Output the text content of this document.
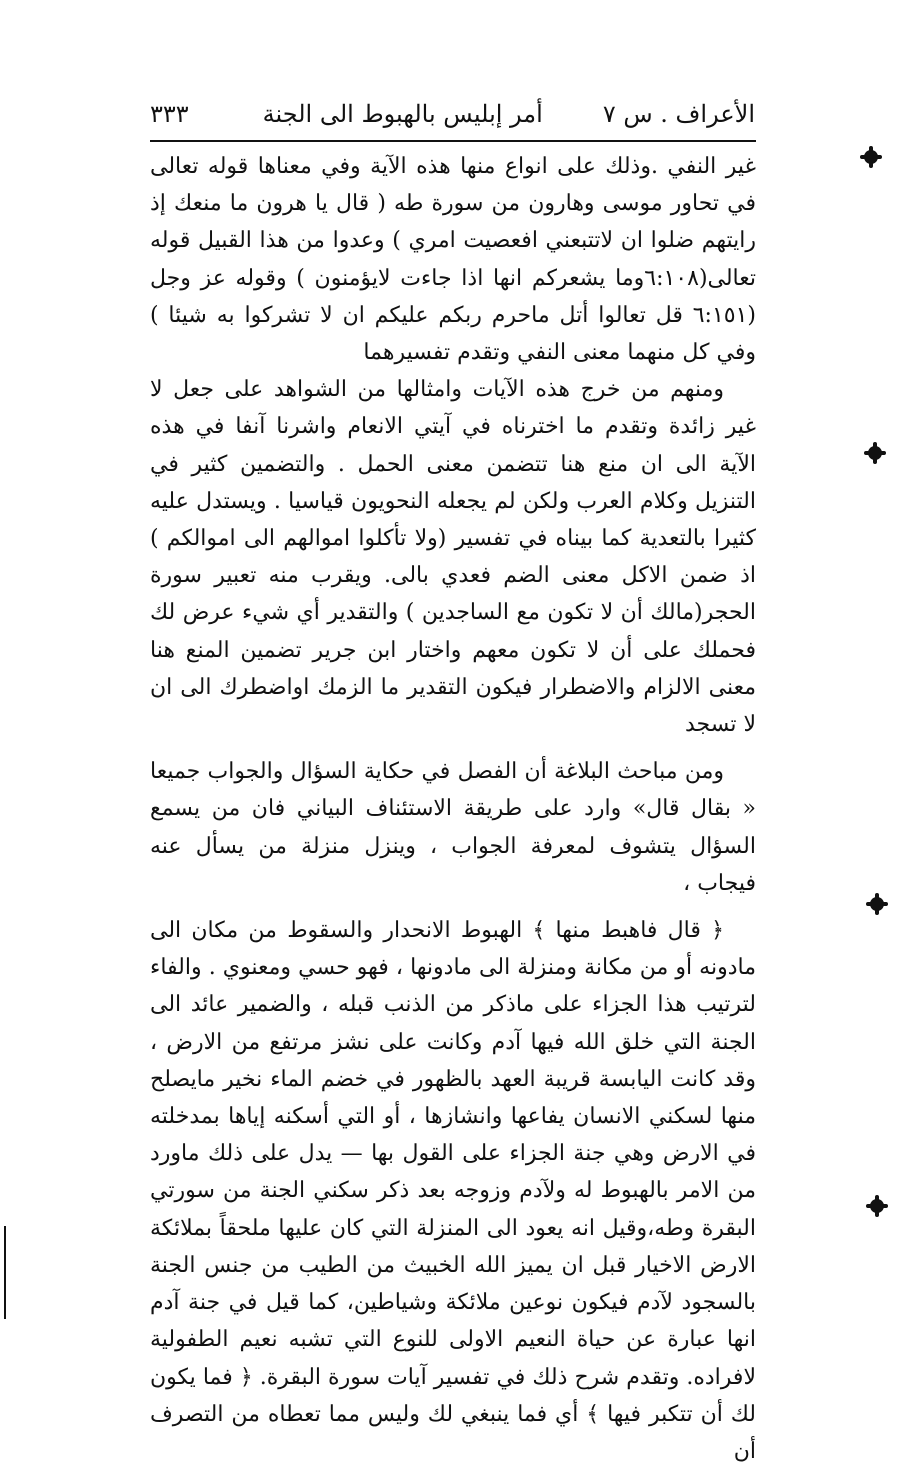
الأعراف . س ٧
أمر إبليس بالهبوط الى الجنة
٣٣٣

غير النفي .وذلك على انواع منها هذه الآية وفي معناها قوله تعالى في تحاور موسى وهارون من سورة طه ( قال يا هرون ما منعك إذ رايتهم ضلوا ان لاتتبعني افعصيت امري ) وعدوا من هذا القبيل قوله تعالى(٦:١٠٨وما يشعركم انها اذا جاءت لايؤمنون ) وقوله عز وجل (٦:١٥١ قل تعالوا أتل ماحرم ربكم عليكم ان لا تشركوا به شيئا ) وفي كل منهما معنى النفي وتقدم تفسيرهما

ومنهم من خرج هذه الآيات وامثالها من الشواهد على جعل لا غير زائدة وتقدم ما اخترناه في آيتي الانعام واشرنا آنفا في هذه الآية الى ان منع هنا تتضمن معنى الحمل . والتضمين كثير في التنزيل وكلام العرب ولكن لم يجعله النحويون قياسيا . ويستدل عليه كثيرا بالتعدية كما بيناه في تفسير (ولا تأكلوا اموالهم الى اموالكم ) اذ ضمن الاكل معنى الضم فعدي بالى. ويقرب منه تعبير سورة الحجر(مالك أن لا تكون مع الساجدين ) والتقدير أي شيء عرض لك فحملك على أن لا تكون معهم واختار ابن جرير تضمين المنع هنا معنى الالزام والاضطرار فيكون التقدير ما الزمك اواضطرك الى ان لا تسجد

ومن مباحث البلاغة أن الفصل في حكاية السؤال والجواب جميعا « بقال قال» وارد على طريقة الاستئناف البياني فان من يسمع السؤال يتشوف لمعرفة الجواب ، وينزل منزلة من يسأل عنه فيجاب ،

﴿ قال فاهبط منها ﴾ الهبوط الانحدار والسقوط من مكان الى مادونه أو من مكانة ومنزلة الى مادونها ، فهو حسي ومعنوي . والفاء لترتيب هذا الجزاء على ماذكر من الذنب قبله ، والضمير عائد الى الجنة التي خلق الله فيها آدم وكانت على نشز مرتفع من الارض ، وقد كانت اليابسة قريبة العهد بالظهور في خضم الماء نخير مايصلح منها لسكني الانسان يفاعها وانشازها ، أو التي أسكنه إياها بمدخلته في الارض وهي جنة الجزاء على القول بها — يدل على ذلك ماورد من الامر بالهبوط له ولآدم وزوجه بعد ذكر سكني الجنة من سورتي البقرة وطه،وقيل انه يعود الى المنزلة التي كان عليها ملحقاً بملائكة الارض الاخيار قبل ان يميز الله الخبيث من الطيب من جنس الجنة بالسجود لآدم فيكون نوعين ملائكة وشياطين، كما قيل في جنة آدم انها عبارة عن حياة النعيم الاولى للنوع التي تشبه نعيم الطفولية لافراده. وتقدم شرح ذلك في تفسير آيات سورة البقرة. ﴿ فما يكون لك أن تتكبر فيها ﴾ أي فما ينبغي لك وليس مما تعطاه من التصرف أن
